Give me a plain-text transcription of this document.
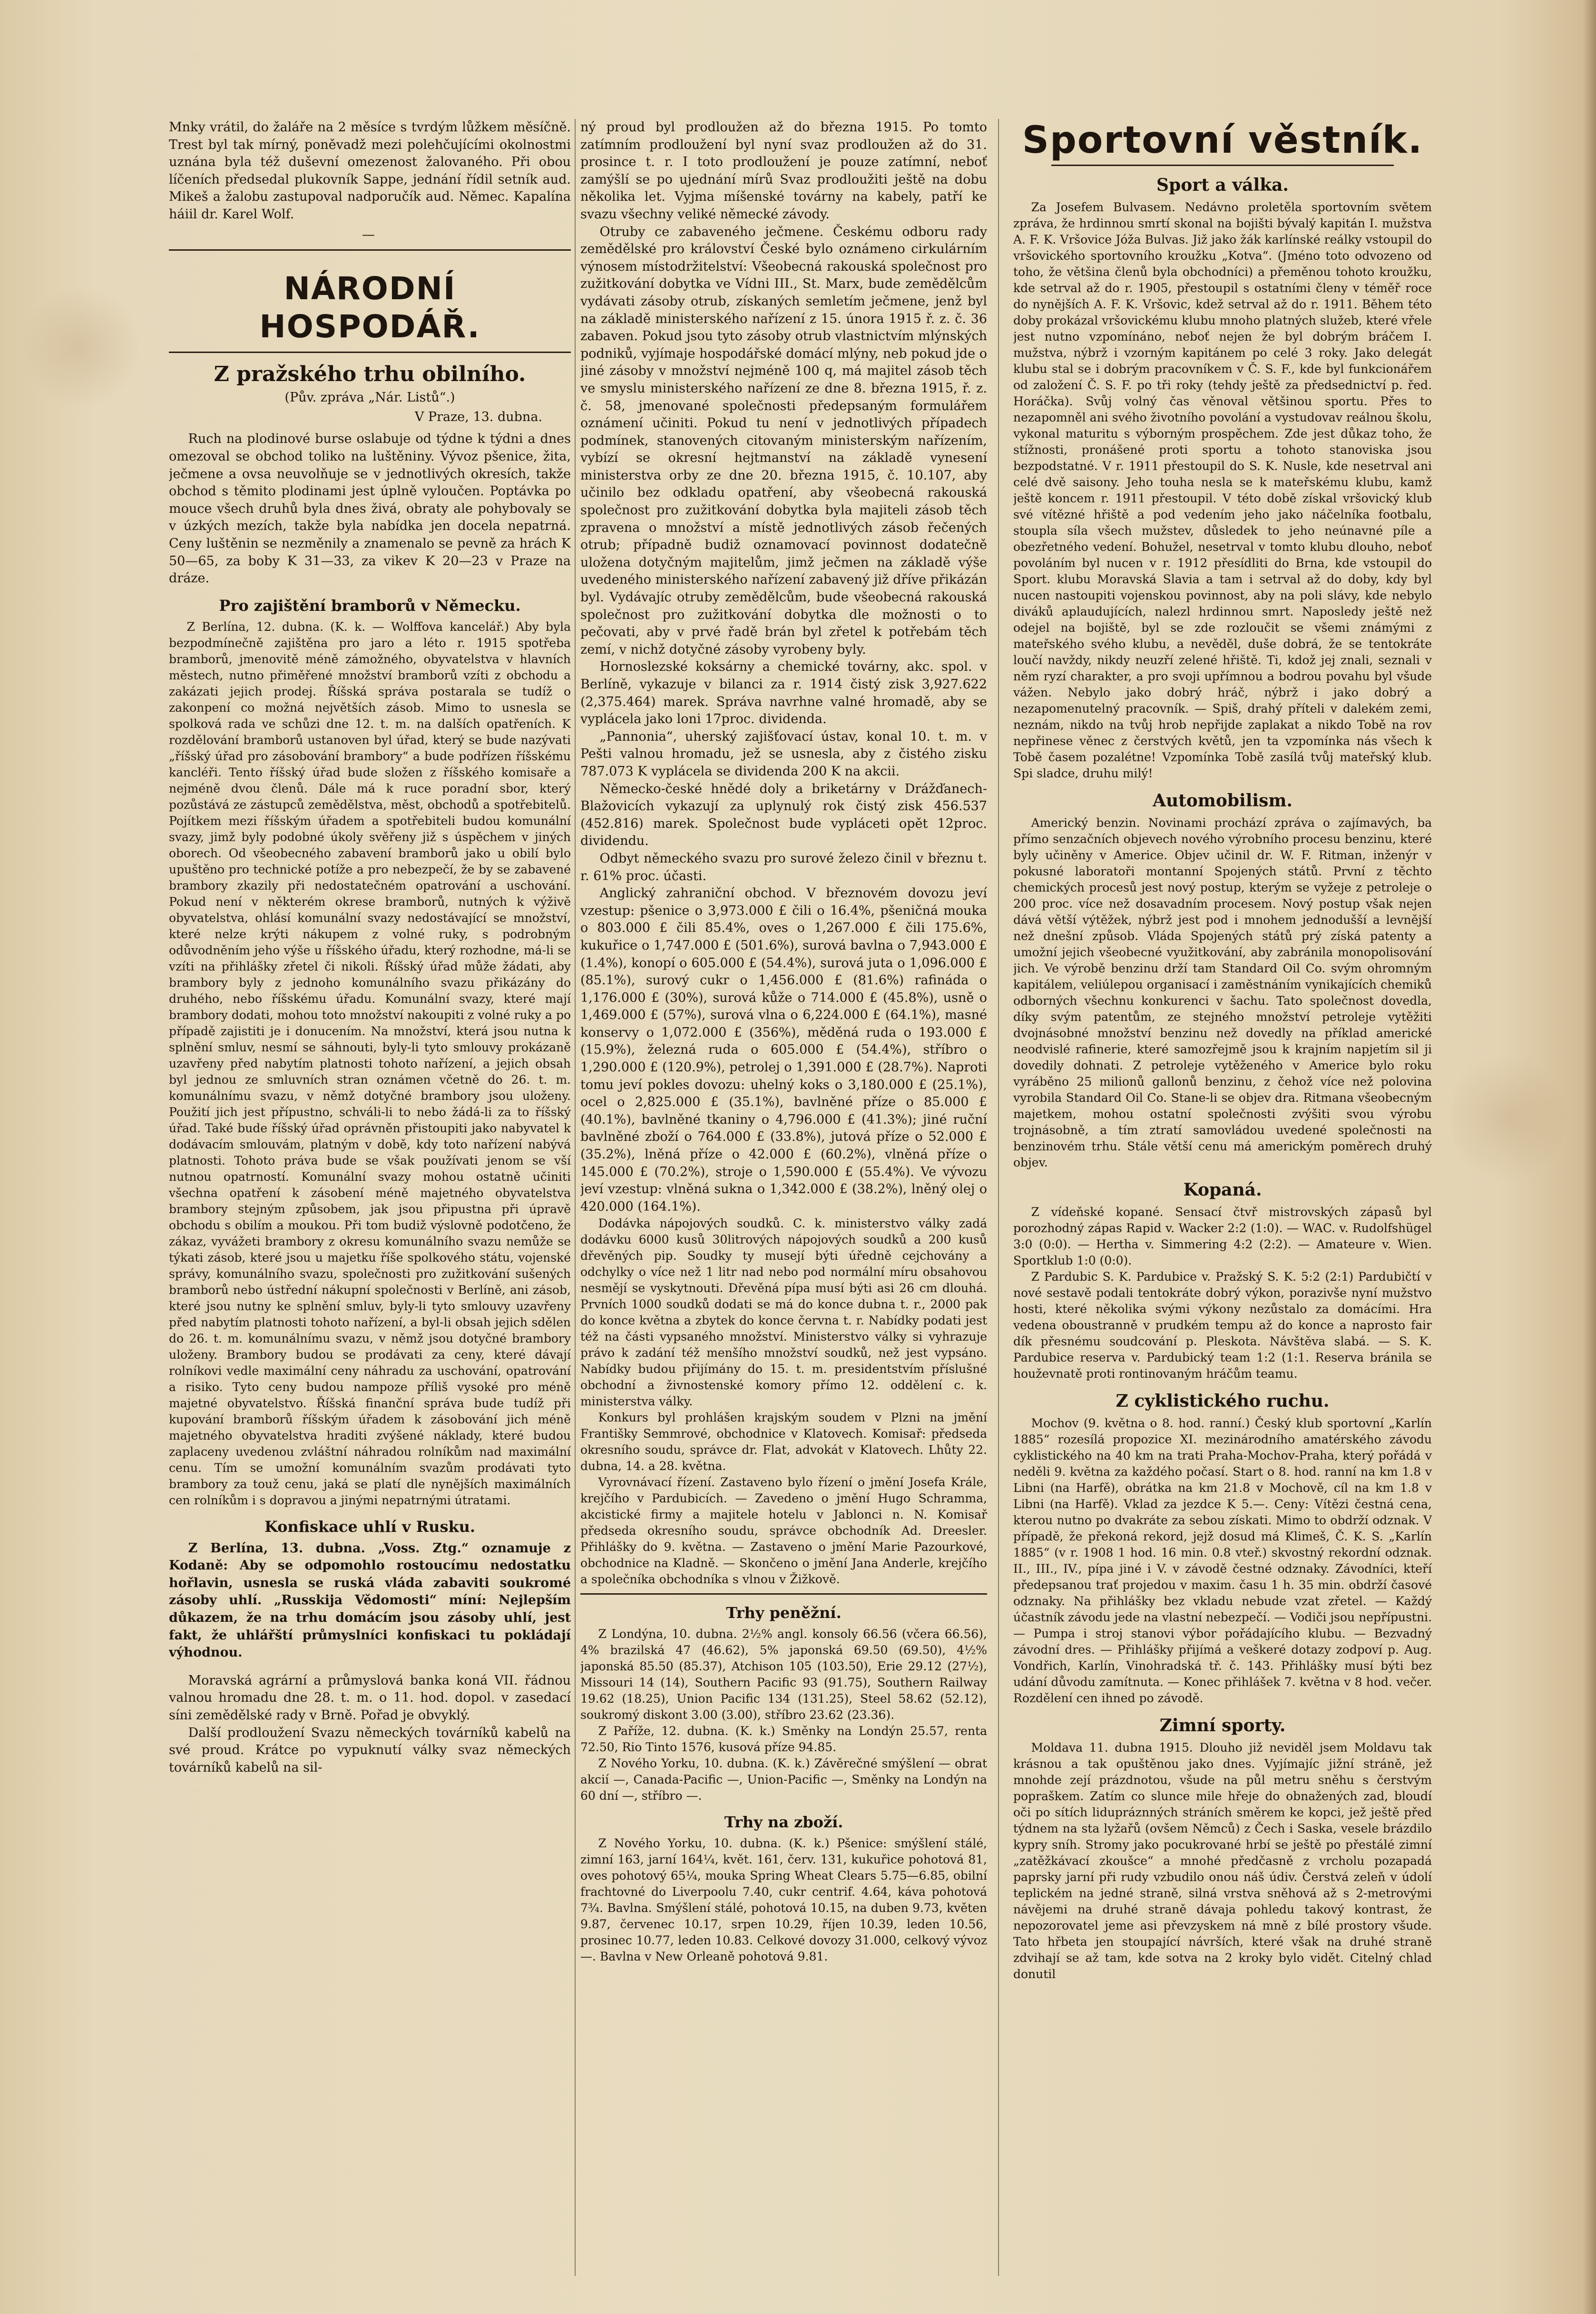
Mnky vrátil, do žaláře na 2 měsíce s tvrdým lůžkem měsíčně. Trest byl tak mírný, poněvadž mezi polehčujícími okolnostmi uznána byla též duševní omezenost žalovaného. Při obou líčeních předsedal plukovník Sappe, jednání řídil setník aud. Mikeš a žalobu zastupoval nadporučík aud. Němec. Kapalína háiil dr. Karel Wolf.

—
NÁRODNÍ HOSPODÁŘ.
Z pražského trhu obilního.
(Pův. zpráva „Nár. Listů“.)
V Praze, 13. dubna.

Ruch na plodinové burse oslabuje od týdne k týdni a dnes omezoval se obchod toliko na luštěniny. Vývoz pšenice, žita, ječmene a ovsa neuvolňuje se v jednotlivých okresích, takže obchod s těmito plodinami jest úplně vyloučen. Poptávka po mouce všech druhů byla dnes živá, obraty ale pohybovaly se v úzkých mezích, takže byla nabídka jen docela nepatrná. Ceny luštěnin se nezměnily a znamenalo se pevně za hrách K 50—65, za boby K 31—33, za vikev K 20—23 v Praze na dráze.

Pro zajištění bramborů v Německu.

Z Berlína, 12. dubna. (K. k. — Wolffova kancelář.) Aby byla bezpodmínečně zajištěna pro jaro a léto r. 1915 spotřeba bramborů, jmenovitě méně zámožného, obyvatelstva v hlavních městech, nutno přiměřené množství bramborů vzíti z obchodu a zakázati jejich prodej. Říšská správa postarala se tudíž o zakonpení co možná největších zásob. Mimo to usnesla se spolková rada ve schůzi dne 12. t. m. na dalších opatřeních. K rozdělování bramborů ustanoven byl úřad, který se bude nazývati „říšský úřad pro zásobování brambory“ a bude podřízen říšskému kancléři. Tento říšský úřad bude složen z říšského komisaře a nejméně dvou členů. Dále má k ruce poradní sbor, který pozůstává ze zástupců zemědělstva, měst, obchodů a spotřebitelů. Pojítkem mezi říšským úřadem a spotřebiteli budou komunální svazy, jimž byly podobné úkoly svěřeny již s úspěchem v jiných oborech. Od všeobecného zabavení bramborů jako u obilí bylo upuštěno pro technické potíže a pro nebezpečí, že by se zabavené brambory zkazily při nedostatečném opatrování a uschování. Pokud není v některém okrese bramborů, nutných k výživě obyvatelstva, ohlásí komunální svazy nedostávající se množství, které nelze krýti nákupem z volné ruky, s podrobným odůvodněním jeho výše u říšského úřadu, který rozhodne, má-li se vzíti na přihlášky zřetel či nikoli. Říšský úřad může žádati, aby brambory byly z jednoho komunálního svazu přikázány do druhého, nebo říšskému úřadu. Komunální svazy, které mají brambory dodati, mohou toto množství nakoupiti z volné ruky a po případě zajistiti je i donucením. Na množství, která jsou nutna k splnění smluv, nesmí se sáhnouti, byly-li tyto smlouvy prokázaně uzavřeny před nabytím platnosti tohoto nařízení, a jejich obsah byl jednou ze smluvních stran oznámen včetně do 26. t. m. komunálnímu svazu, v němž dotyčné brambory jsou uloženy. Použití jich jest přípustno, schváli-li to nebo žádá-li za to říšský úřad. Také bude říšský úřad oprávněn přistoupiti jako nabyvatel k dodávacím smlouvám, platným v době, kdy toto nařízení nabývá platnosti. Tohoto práva bude se však používati jenom se vší nutnou opatrností. Komunální svazy mohou ostatně učiniti všechna opatření k zásobení méně majetného obyvatelstva brambory stejným způsobem, jak jsou připustna při úpravě obchodu s obilím a moukou. Při tom budiž výslovně podotčeno, že zákaz, vyvážeti brambory z okresu komunálního svazu nemůže se týkati zásob, které jsou u majetku říše spolkového státu, vojenské správy, komunálního svazu, společnosti pro zužitkování sušených bramborů nebo ústřední nákupní společnosti v Berlíně, ani zásob, které jsou nutny ke splnění smluv, byly-li tyto smlouvy uzavřeny před nabytím platnosti tohoto nařízení, a byl-li obsah jejich sdělen do 26. t. m. komunálnímu svazu, v němž jsou dotyčné brambory uloženy. Brambory budou se prodávati za ceny, které dávají rolníkovi vedle maximální ceny náhradu za uschování, opatrování a risiko. Tyto ceny budou nampoze příliš vysoké pro méně majetné obyvatelstvo. Říšská finanční správa bude tudíž při kupování bramborů říšským úřadem k zásobování jich méně majetného obyvatelstva hraditi zvýšené náklady, které budou zaplaceny uvedenou zvláštní náhradou rolníkům nad maximální cenu. Tím se umožní komunálním svazům prodávati tyto brambory za touž cenu, jaká se platí dle nynějších maximálních cen rolníkům i s dopravou a jinými nepatrnými útratami.

Konfiskace uhlí v Rusku.

Z Berlína, 13. dubna. „Voss. Ztg.“ oznamuje z Kodaně: Aby se odpomohlo rostoucímu nedostatku hořlavin, usnesla se ruská vláda zabaviti soukromé zásoby uhlí. „Russkija Vědomosti“ míní: Nejlepším důkazem, že na trhu domácím jsou zásoby uhlí, jest fakt, že uhlářští průmyslníci konfiskaci tu pokládají výhodnou.

Moravská agrární a průmyslová banka koná VII. řádnou valnou hromadu dne 28. t. m. o 11. hod. dopol. v zasedací síni zemědělské rady v Brně. Pořad je obvyklý.

Další prodloužení Svazu německých továrníků kabelů na své proud. Krátce po vypuknutí války svaz německých továrníků kabelů na sil-

ný proud byl prodloužen až do března 1915. Po tomto zatímním prodloužení byl nyní svaz prodloužen až do 31. prosince t. r. I toto prodloužení je pouze zatímní, neboť zamýšlí se po ujednání mírů Svaz prodloužiti ještě na dobu několika let. Vyjma míšenské továrny na kabely, patří ke svazu všechny veliké německé závody.

Otruby ce zabaveného ječmene. Českému odboru rady zemědělské pro království České bylo oznámeno cirkulárním výnosem místodržitelství: Všeobecná rakouská společnost pro zužitkování dobytka ve Vídni III., St. Marx, bude zemědělcům vydávati zásoby otrub, získaných semletím ječmene, jenž byl na základě ministerského nařízení z 15. února 1915 ř. z. č. 36 zabaven. Pokud jsou tyto zásoby otrub vlastnictvím mlýnských podniků, vyjímaje hospodářské domácí mlýny, neb pokud jde o jiné zásoby v množství nejméně 100 q, má majitel zásob těch ve smyslu ministerského nařízení ze dne 8. března 1915, ř. z. č. 58, jmenované společnosti předepsaným formulářem oznámení učiniti. Pokud tu není v jednotlivých případech podmínek, stanovených citovaným ministerským nařízením, vybízí se okresní hejtmanství na základě vynesení ministerstva orby ze dne 20. března 1915, č. 10.107, aby učinilo bez odkladu opatření, aby všeobecná rakouská společnost pro zužitkování dobytka byla majiteli zásob těch zpravena o množství a místě jednotlivých zásob řečených otrub; případně budiž oznamovací povinnost dodatečně uložena dotyčným majitelům, jimž ječmen na základě výše uvedeného ministerského nařízení zabavený již dříve přikázán byl. Vydávajíc otruby zemědělcům, bude všeobecná rakouská společnost pro zužitkování dobytka dle možnosti o to pečovati, aby v prvé řadě brán byl zřetel k potřebám těch zemí, v nichž dotyčné zásoby vyrobeny byly.

Hornoslezské koksárny a chemické továrny, akc. spol. v Berlíně, vykazuje v bilanci za r. 1914 čistý zisk 3,927.622 (2,375.464) marek. Správa navrhne valné hromadě, aby se vyplácela jako loni 17proc. dividenda.

„Pannonia“, uherský zajišťovací ústav, konal 10. t. m. v Pešti valnou hromadu, jež se usnesla, aby z čistého zisku 787.073 K vyplácela se dividenda 200 K na akcii.

Německo-české hnědé doly a briketárny v Drážďanech-Blažovicích vykazují za uplynulý rok čistý zisk 456.537 (452.816) marek. Společnost bude vypláceti opět 12proc. dividendu.

Odbyt německého svazu pro surové železo činil v březnu t. r. 61% proc. účasti.

Anglický zahraniční obchod. V březnovém dovozu jeví vzestup: pšenice o 3,973.000 £ čili o 16.4%, pšeničná mouka o 803.000 £ čili 85.4%, oves o 1,267.000 £ čili 175.6%, kukuřice o 1,747.000 £ (501.6%), surová bavlna o 7,943.000 £ (1.4%), konopí o 605.000 £ (54.4%), surová juta o 1,096.000 £ (85.1%), surový cukr o 1,456.000 £ (81.6%) rafináda o 1,176.000 £ (30%), surová kůže o 714.000 £ (45.8%), usně o 1,469.000 £ (57%), surová vlna o 6,224.000 £ (64.1%), masné konservy o 1,072.000 £ (356%), měděná ruda o 193.000 £ (15.9%), železná ruda o 605.000 £ (54.4%), stříbro o 1,290.000 £ (120.9%), petrolej o 1,391.000 £ (28.7%). Naproti tomu jeví pokles dovozu: uhelný koks o 3,180.000 £ (25.1%), ocel o 2,825.000 £ (35.1%), bavlněné příze o 85.000 £ (40.1%), bavlněné tkaniny o 4,796.000 £ (41.3%); jiné ruční bavlněné zboží o 764.000 £ (33.8%), jutová příze o 52.000 £ (35.2%), lněná příze o 42.000 £ (60.2%), vlněná příze o 145.000 £ (70.2%), stroje o 1,590.000 £ (55.4%). Ve vývozu jeví vzestup: vlněná sukna o 1,342.000 £ (38.2%), lněný olej o 420.000 (164.1%).

Dodávka nápojových soudků. C. k. ministerstvo války zadá dodávku 6000 kusů 30litrových nápojových soudků a 200 kusů dřevěných pip. Soudky ty musejí býti úředně cejchovány a odchylky o více než 1 litr nad nebo pod normální míru obsahovou nesmějí se vyskytnouti. Dřevěná pípa musí býti asi 26 cm dlouhá. Prvních 1000 soudků dodati se má do konce dubna t. r., 2000 pak do konce května a zbytek do konce června t. r. Nabídky podati jest též na části vypsaného množství. Ministerstvo války si vyhrazuje právo k zadání též menšího množství soudků, než jest vypsáno. Nabídky budou přijímány do 15. t. m. presidentstvím příslušné obchodní a živnostenské komory přímo 12. oddělení c. k. ministerstva války.

Konkurs byl prohlášen krajským soudem v Plzni na jmění Františky Semmrové, obchodnice v Klatovech. Komisař: předseda okresního soudu, správce dr. Flat, advokát v Klatovech. Lhůty 22. dubna, 14. a 28. května.

Vyrovnávací řízení. Zastaveno bylo řízení o jmění Josefa Krále, krejčího v Pardubicích. — Zavedeno o jmění Hugo Schramma, akcistické firmy a majitele hotelu v Jablonci n. N. Komisař předseda okresního soudu, správce obchodník Ad. Dreesler. Přihlášky do 9. května. — Zastaveno o jmění Marie Pazourkové, obchodnice na Kladně. — Skončeno o jmění Jana Anderle, krejčího a společníka obchodníka s vlnou v Žižkově.

Trhy peněžní.

Z Londýna, 10. dubna. 2½% angl. konsoly 66.56 (včera 66.56), 4% brazilská 47 (46.62), 5% japonská 69.50 (69.50), 4½% japonská 85.50 (85.37), Atchison 105 (103.50), Erie 29.12 (27½), Missouri 14 (14), Southern Pacific 93 (91.75), Southern Railway 19.62 (18.25), Union Pacific 134 (131.25), Steel 58.62 (52.12), soukromý diskont 3.00 (3.00), stříbro 23.62 (23.36).

Z Paříže, 12. dubna. (K. k.) Směnky na Londýn 25.57, renta 72.50, Rio Tinto 1576, kusová příze 94.85.

Z Nového Yorku, 10. dubna. (K. k.) Závěrečné smýšlení — obrat akcií —, Canada-Pacific —, Union-Pacific —, Směnky na Londýn na 60 dní —, stříbro —.

Trhy na zboží.

Z Nového Yorku, 10. dubna. (K. k.) Pšenice: smýšlení stálé, zimní 163, jarní 164¼, květ. 161, červ. 131, kukuřice pohotová 81, oves pohotový 65¼, mouka Spring Wheat Clears 5.75—6.85, obilní frachtovné do Liverpoolu 7.40, cukr centrif. 4.64, káva pohotová 7¾. Bavlna. Smýšlení stálé, pohotová 10.15, na duben 9.73, květen 9.87, červenec 10.17, srpen 10.29, říjen 10.39, leden 10.56, prosinec 10.77, leden 10.83. Celkové dovozy 31.000, celkový vývoz —. Bavlna v New Orleaně pohotová 9.81.

Sportovní věstník.
Sport a válka.

Za Josefem Bulvasem. Nedávno proletěla sportovním světem zpráva, že hrdinnou smrtí skonal na bojišti bývalý kapitán I. mužstva A. F. K. Vršovice Jóža Bulvas. Již jako žák karlínské reálky vstoupil do vršovického sportovního kroužku „Kotva“. (Jméno toto odvozeno od toho, že většina členů byla obchodníci) a přeměnou tohoto kroužku, kde setrval až do r. 1905, přestoupil s ostatními členy v téměř roce do nynějších A. F. K. Vršovic, kdež setrval až do r. 1911. Během této doby prokázal vršovickému klubu mnoho platných služeb, které vřele jest nutno vzpomínáno, neboť nejen že byl dobrým bráčem I. mužstva, nýbrž i vzorným kapitánem po celé 3 roky. Jako delegát klubu stal se i dobrým pracovníkem v Č. S. F., kde byl funkcionářem od založení Č. S. F. po tři roky (tehdy ještě za předsednictví p. řed. Horáčka). Svůj volný čas věnoval většinou sportu. Přes to nezapomněl ani svého životního povolání a vystudovav reálnou školu, vykonal maturitu s výborným prospěchem. Zde jest důkaz toho, že stížnosti, pronášené proti sportu a tohoto stanoviska jsou bezpodstatné. V r. 1911 přestoupil do S. K. Nusle, kde nesetrval ani celé dvě saisony. Jeho touha nesla se k mateřskému klubu, kamž ještě koncem r. 1911 přestoupil. V této době získal vršovický klub své vítězné hřiště a pod vedením jeho jako náčelníka footbalu, stoupla síla všech mužstev, důsledek to jeho neúnavné píle a obezřetného vedení. Bohužel, nesetrval v tomto klubu dlouho, neboť povoláním byl nucen v r. 1912 přesídliti do Brna, kde vstoupil do Sport. klubu Moravská Slavia a tam i setrval až do doby, kdy byl nucen nastoupiti vojenskou povinnost, aby na poli slávy, kde nebylo diváků aplaudujících, nalezl hrdinnou smrt. Naposledy ještě než odejel na bojiště, byl se zde rozloučit se všemi známými z mateřského svého klubu, a nevěděl, duše dobrá, že se tentokráte loučí navždy, nikdy neuzří zelené hřiště. Ti, kdož jej znali, seznali v něm ryzí charakter, a pro svoji upřímnou a bodrou povahu byl všude vážen. Nebylo jako dobrý hráč, nýbrž i jako dobrý a nezapomenutelný pracovník. — Spiš, drahý příteli v dalekém zemi, neznám, nikdo na tvůj hrob nepřijde zaplakat a nikdo Tobě na rov nepřinese věnec z čerstvých květů, jen ta vzpomínka nás všech k Tobě časem pozalétne! Vzpomínka Tobě zasílá tvůj mateřský klub. Spi sladce, druhu milý!

Automobilism.

Americký benzin. Novinami prochází zpráva o zajímavých, ba přímo senzačních objevech nového výrobního procesu benzinu, které byly učiněny v Americe. Objev učinil dr. W. F. Ritman, inženýr v pokusné laboratoři montanní Spojených států. První z těchto chemických procesů jest nový postup, kterým se vyžeje z petroleje o 200 proc. více než dosavadním procesem. Nový postup však nejen dává větší výtěžek, nýbrž jest pod i mnohem jednodušší a levnější než dnešní způsob. Vláda Spojených států prý získá patenty a umožní jejich všeobecné využitkování, aby zabránila monopolisování jich. Ve výrobě benzinu drží tam Standard Oil Co. svým ohromným kapitálem, veliúlepou organisací i zaměstnáním vynikajících chemiků odborných všechnu konkurenci v šachu. Tato společnost dovedla, díky svým patentům, ze stejného množství petroleje vytěžiti dvojnásobné množství benzinu než dovedly na příklad americké neodvislé rafinerie, které samozřejmě jsou k krajním napjetím sil ji dovedily dohnati. Z petroleje vytěženého v Americe bylo roku vyráběno 25 milionů gallonů benzinu, z čehož více než polovina vyrobila Standard Oil Co. Stane-li se objev dra. Ritmana všeobecným majetkem, mohou ostatní společnosti zvýšiti svou výrobu trojnásobně, a tím ztratí samovládou uvedené společnosti na benzinovém trhu. Stále větší cenu má americkým poměrech druhý objev.

Kopaná.

Z vídeňské kopané. Sensací čtvř mistrovských zápasů byl porozhodný zápas Rapid v. Wacker 2:2 (1:0). — WAC. v. Rudolfshügel 3:0 (0:0). — Hertha v. Simmering 4:2 (2:2). — Amateure v. Wien. Sportklub 1:0 (0:0).

Z Pardubic S. K. Pardubice v. Pražský S. K. 5:2 (2:1) Pardubičtí v nové sestavě podali tentokráte dobrý výkon, porazivše nyní mužstvo hosti, které několika svými výkony nezůstalo za domácími. Hra vedena oboustranně v prudkém tempu až do konce a naprosto fair dík přesnému soudcování p. Pleskota. Návštěva slabá. — S. K. Pardubice reserva v. Pardubický team 1:2 (1:1. Reserva bránila se houževnatě proti rontinovaným hráčům teamu.

Z cyklistického ruchu.

Mochov (9. května o 8. hod. ranní.) Český klub sportovní „Karlín 1885“ rozesílá propozice XI. mezinárodního amatérského závodu cyklistického na 40 km na trati Praha-Mochov-Praha, který pořádá v neděli 9. května za každého počasí. Start o 8. hod. ranní na km 1.8 v Libni (na Harfě), obrátka na km 21.8 v Mochově, cíl na km 1.8 v Libni (na Harfě). Vklad za jezdce K 5.—. Ceny: Vítězi čestná cena, kterou nutno po dvakráte za sebou získati. Mimo to obdrží odznak. V případě, že překoná rekord, jejž dosud má Klimeš, Č. K. S. „Karlín 1885“ (v r. 1908 1 hod. 16 min. 0.8 vteř.) skvostný rekordní odznak. II., III., IV., pípa jiné i V. v závodě čestné odznaky. Závodníci, kteří předepsanou trať projedou v maxim. času 1 h. 35 min. obdrží časové odznaky. Na přihlášky bez vkladu nebude vzat zřetel. — Každý účastník závodu jede na vlastní nebezpečí. — Vodiči jsou nepřípustni. — Pumpa i stroj stanovi výbor pořádajícího klubu. — Bezvadný závodní dres. — Přihlášky přijímá a veškeré dotazy zodpoví p. Aug. Vondřich, Karlín, Vinohradská tř. č. 143. Přihlášky musí býti bez udání důvodu zamítnuta. — Konec přihlášek 7. května v 8 hod. večer. Rozdělení cen ihned po závodě.

Zimní sporty.

Moldava 11. dubna 1915. Dlouho již neviděl jsem Moldavu tak krásnou a tak opuštěnou jako dnes. Vyjímajíc jižní stráně, jež mnohde zejí prázdnotou, všude na půl metru sněhu s čerstvým popraškem. Zatím co slunce mile hřeje do obnažených zad, bloudí oči po sítích lidupráznných stráních směrem ke kopci, jež ještě před týdnem na sta lyžařů (ovšem Němců) z Čech i Saska, vesele brázdilo kypry sníh. Stromy jako pocukrované hrbí se ještě po přestálé zimní „zatěžkávací zkoušce“ a mnohé předčasně z vrcholu pozapadá paprsky jarní při rudy vzbudilo onou náš údiv. Čerstvá zeleň v údolí teplickém na jedné straně, silná vrstva sněhová až s 2-metrovými návějemi na druhé straně dávaja pohledu takový kontrast, že nepozorovatel jeme asi převzyskem ná mně z bílé prostory všude. Tato hřbeta jen stoupající návrších, které však na druhé straně zdvihají se až tam, kde sotva na 2 kroky bylo vidět. Citelný chlad donutil
